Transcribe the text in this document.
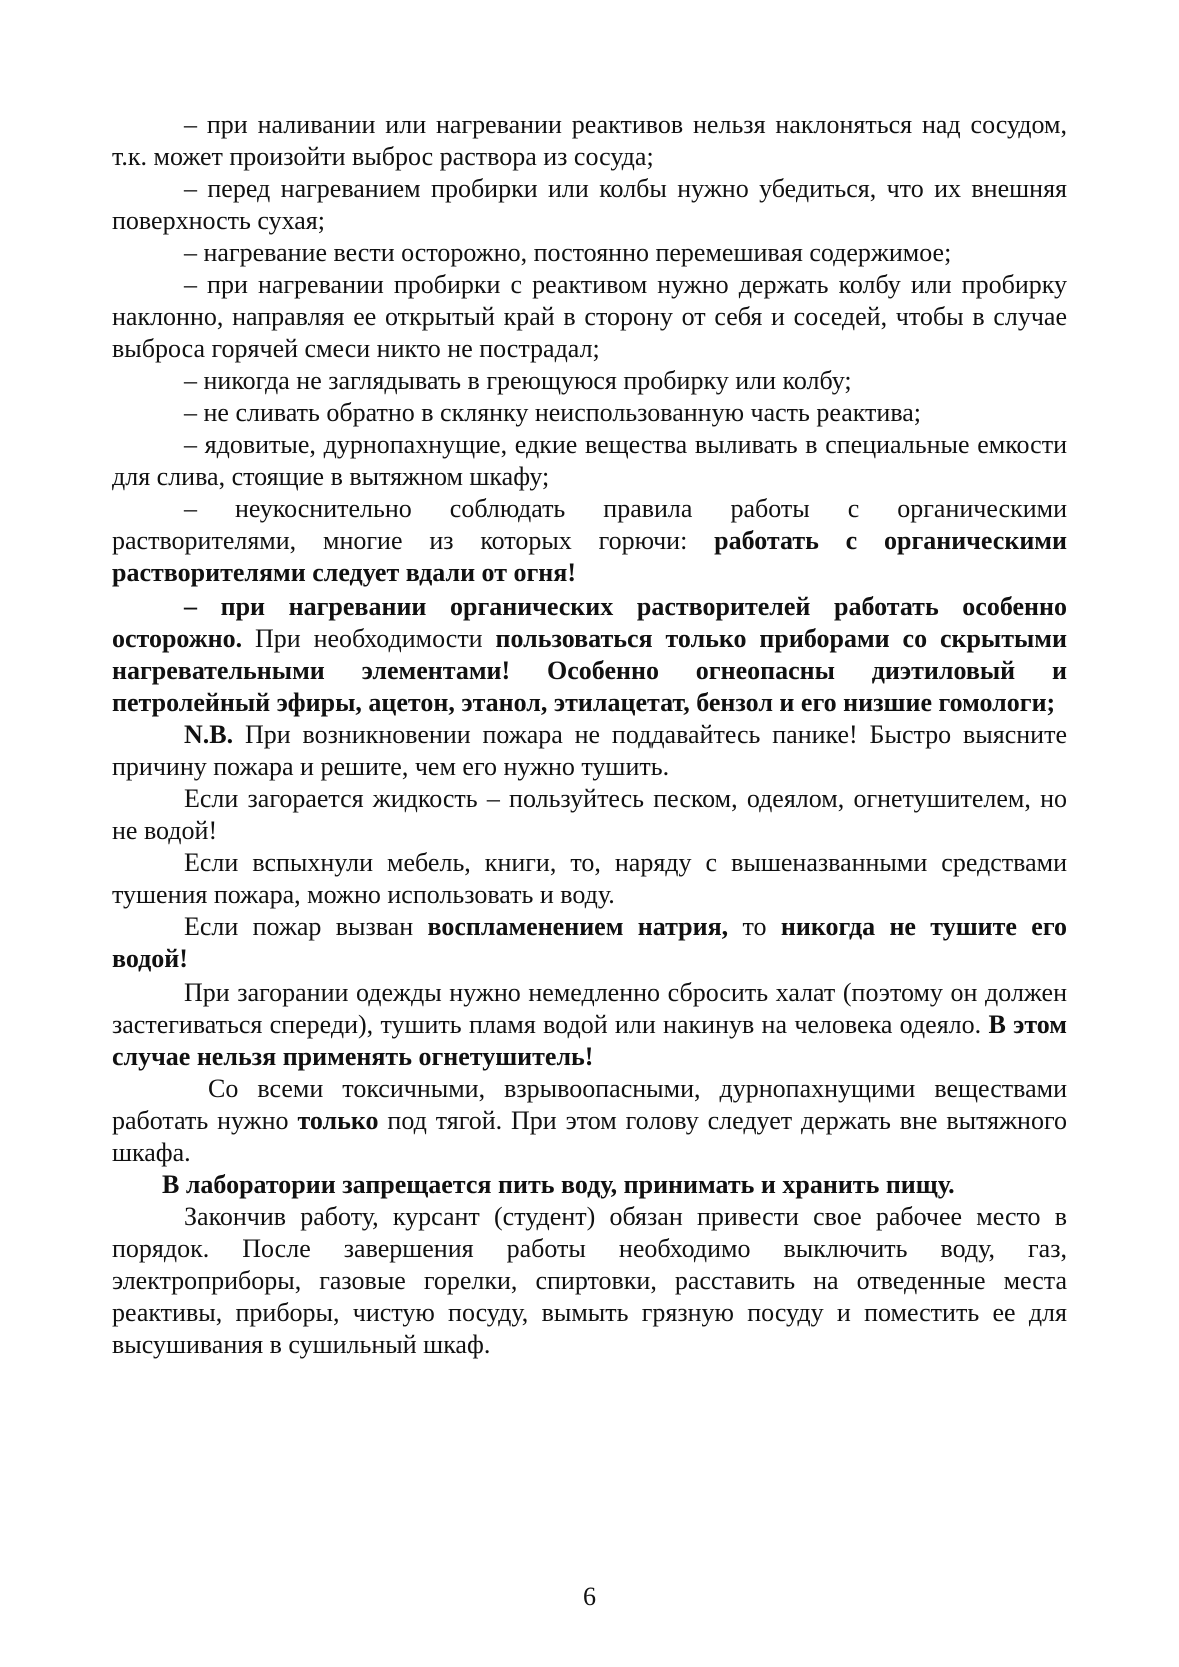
– при наливании или нагревании реактивов нельзя наклоняться над сосудом, т.к. может произойти выброс раствора из сосуда;

– перед нагреванием пробирки или колбы нужно убедиться, что их внешняя поверхность сухая;

– нагревание вести осторожно, постоянно перемешивая содержимое;

– при нагревании пробирки с реактивом нужно держать колбу или пробирку наклонно, направляя ее открытый край в сторону от себя и соседей, чтобы в случае выброса горячей смеси никто не пострадал;

– никогда не заглядывать в греющуюся пробирку или колбу;

– не сливать обратно в склянку неиспользованную часть реактива;

– ядовитые, дурнопахнущие, едкие вещества выливать в специальные емкости для слива, стоящие в вытяжном шкафу;

– неукоснительно соблюдать правила работы с органическими растворителями, многие из которых горючи: работать с органическими растворителями следует вдали от огня!

– при нагревании органических растворителей работать особенно осторожно. При необходимости пользоваться только приборами со скрытыми нагревательными элементами! Особенно огнеопасны диэтиловый и петролейный эфиры, ацетон, этанол, этилацетат, бензол и его низшие гомологи;

N.B. При возникновении пожара не поддавайтесь панике! Быстро выясните причину пожара и решите, чем его нужно тушить.

Если загорается жидкость – пользуйтесь песком, одеялом, огнетушителем, но не водой!

Если вспыхнули мебель, книги, то, наряду с вышеназванными средствами тушения пожара, можно использовать и воду.

Если пожар вызван воспламенением натрия, то никогда не тушите его водой!

При загорании одежды нужно немедленно сбросить халат (поэтому он должен застегиваться спереди), тушить пламя водой или накинув на человека одеяло. В этом случае нельзя применять огнетушитель!

Со всеми токсичными, взрывоопасными, дурнопахнущими веществами работать нужно только под тягой. При этом голову следует держать вне вытяжного шкафа.

В лаборатории запрещается пить воду, принимать и хранить пищу.

Закончив работу, курсант (студент) обязан привести свое рабочее место в порядок. После завершения работы необходимо выключить воду, газ, электроприборы, газовые горелки, спиртовки, расставить на отведенные места реактивы, приборы, чистую посуду, вымыть грязную посуду и поместить ее для высушивания в сушильный шкаф.

6
